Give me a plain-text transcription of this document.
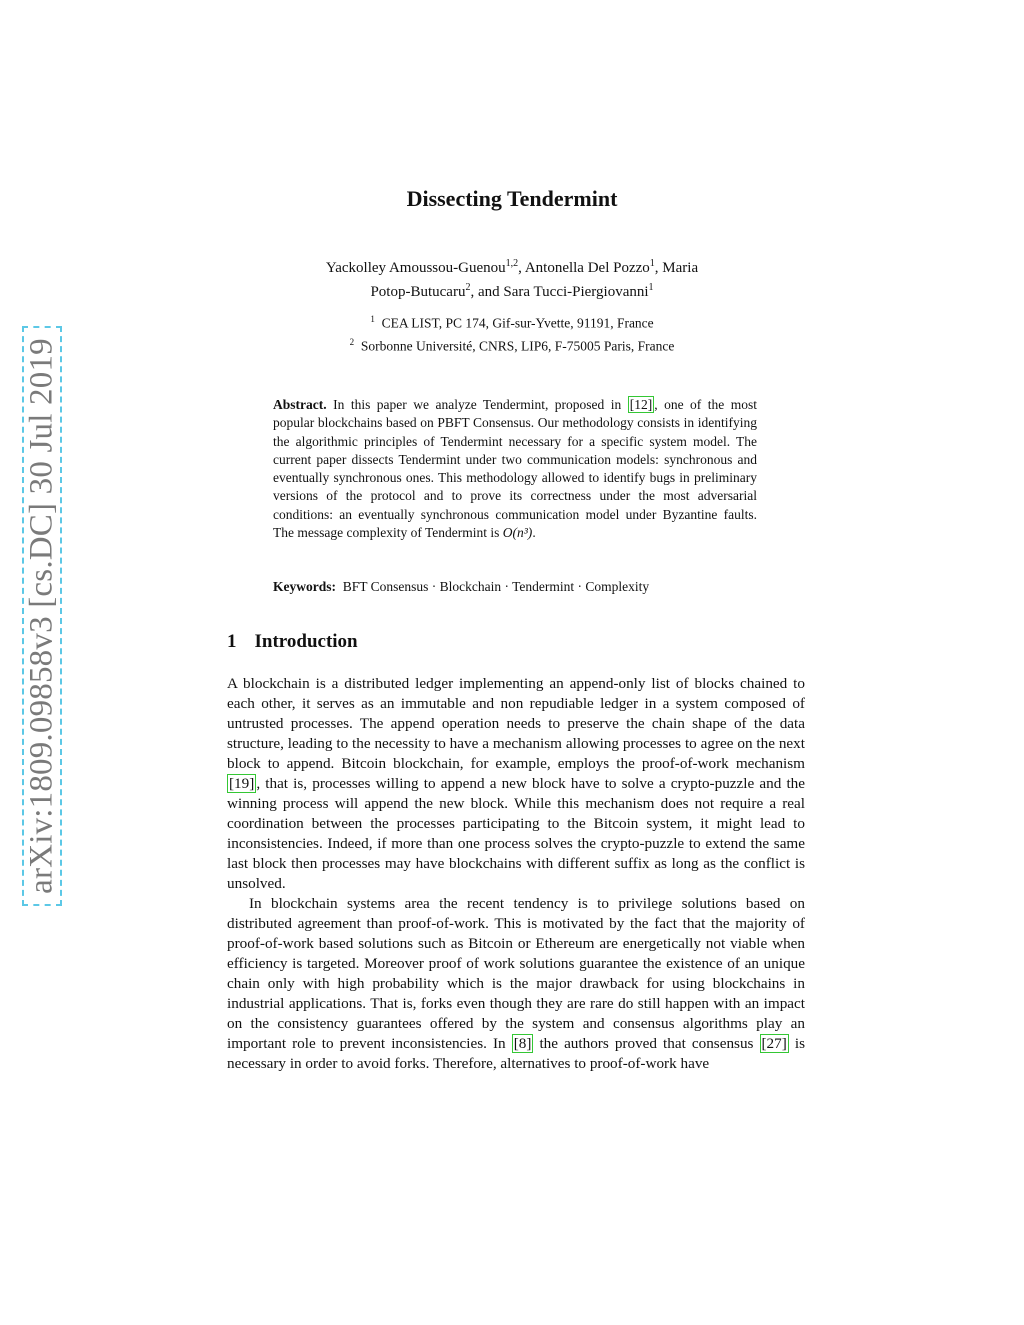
arXiv:1809.09858v3 [cs.DC] 30 Jul 2019
Dissecting Tendermint
Yackolley Amoussou-Guenou$^{1,2}$, Antonella Del Pozzo$^1$, Maria
Potop-Butucaru$^2$, and Sara Tucci-Piergiovanni$^1$
$^1$ CEA LIST, PC 174, Gif-sur-Yvette, 91191, France
$^2$ Sorbonne Université, CNRS, LIP6, F-75005 Paris, France
Abstract. In this paper we analyze Tendermint, proposed in [12] , one of the most popular blockchains based on PBFT Consensus. Our methodology consists in identifying the algorithmic principles of Tendermint necessary for a specific system model. The current paper dissects Tendermint under two communication models: synchronous and eventually synchronous ones. This methodology allowed to identify bugs in preliminary versions of the protocol and to prove its correctness under the most adversarial conditions: an eventually synchronous communication model under Byzantine faults. The message complexity of Tendermint is O(n³).
Keywords: BFT Consensus · Blockchain · Tendermint · Complexity
1 Introduction

A blockchain is a distributed ledger implementing an append-only list of blocks chained to each other, it serves as an immutable and non repudiable ledger in a system composed of untrusted processes. The append operation needs to preserve the chain shape of the data structure, leading to the necessity to have a mechanism allowing processes to agree on the next block to append. Bitcoin blockchain, for example, employs the proof-of-work mechanism [19] , that is, processes willing to append a new block have to solve a crypto-puzzle and the winning process will append the new block. While this mechanism does not require a real coordination between the processes participating to the Bitcoin system, it might lead to inconsistencies. Indeed, if more than one process solves the crypto-puzzle to extend the same last block then processes may have blockchains with different suffix as long as the conflict is unsolved.

In blockchain systems area the recent tendency is to privilege solutions based on distributed agreement than proof-of-work. This is motivated by the fact that the majority of proof-of-work based solutions such as Bitcoin or Ethereum are energetically not viable when efficiency is targeted. Moreover proof of work solutions guarantee the existence of an unique chain only with high probability which is the major drawback for using blockchains in industrial applications. That is, forks even though they are rare do still happen with an impact on the consistency guarantees offered by the system and consensus algorithms play an important role to prevent inconsistencies. In [8] the authors proved that consensus [27] is necessary in order to avoid forks. Therefore, alternatives to proof-of-work have
